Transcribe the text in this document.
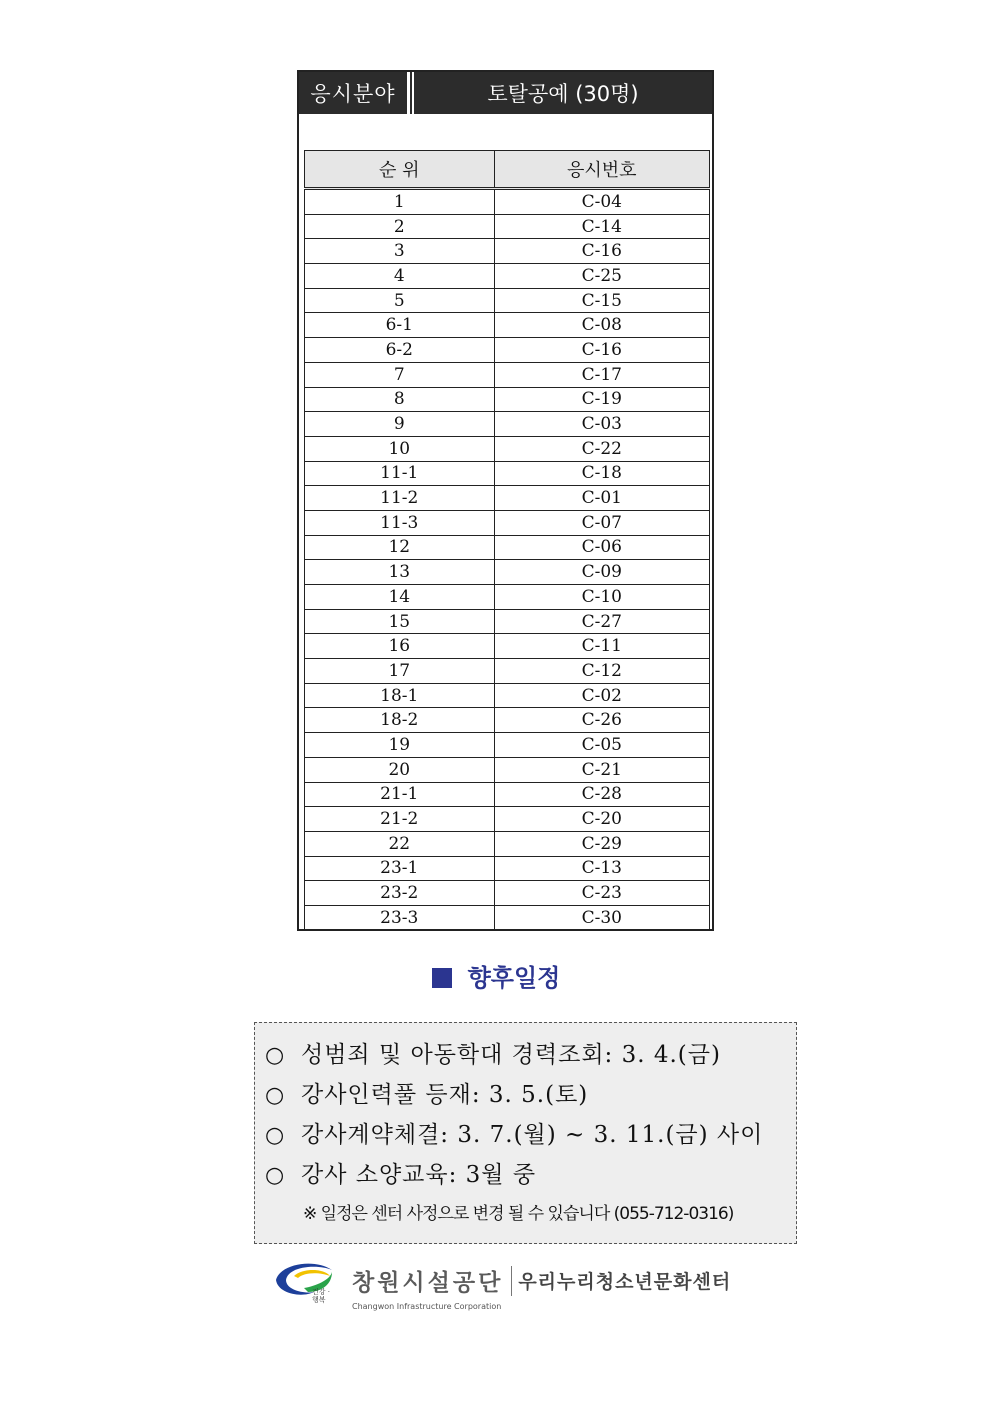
응시분야	토탈공예 (30명)
순 위	응시번호
1	C-04
2	C-14
3	C-16
4	C-25
5	C-15
6-1	C-08
6-2	C-16
7	C-17
8	C-19
9	C-03
10	C-22
11-1	C-18
11-2	C-01
11-3	C-07
12	C-06
13	C-09
14	C-10
15	C-27
16	C-11
17	C-12
18-1	C-02
18-2	C-26
19	C-05
20	C-21
21-1	C-28
21-2	C-20
22	C-29
23-1	C-13
23-2	C-23
23-3	C-30
향후일정
○ 성범죄 및 아동학대 경력조회: 3. 4.(금)
○ 강사인력풀 등재: 3. 5.(토)
○ 강사계약체결: 3. 7.(월) ~ 3. 11.(금) 사이
○ 강사 소양교육: 3월 중
※ 일정은 센터 사정으로 변경 될 수 있습니다 (055-712-0316)
건강 ·행복
창원시설공단 우리누리청소년문화센터
Changwon Infrastructure Corporation
